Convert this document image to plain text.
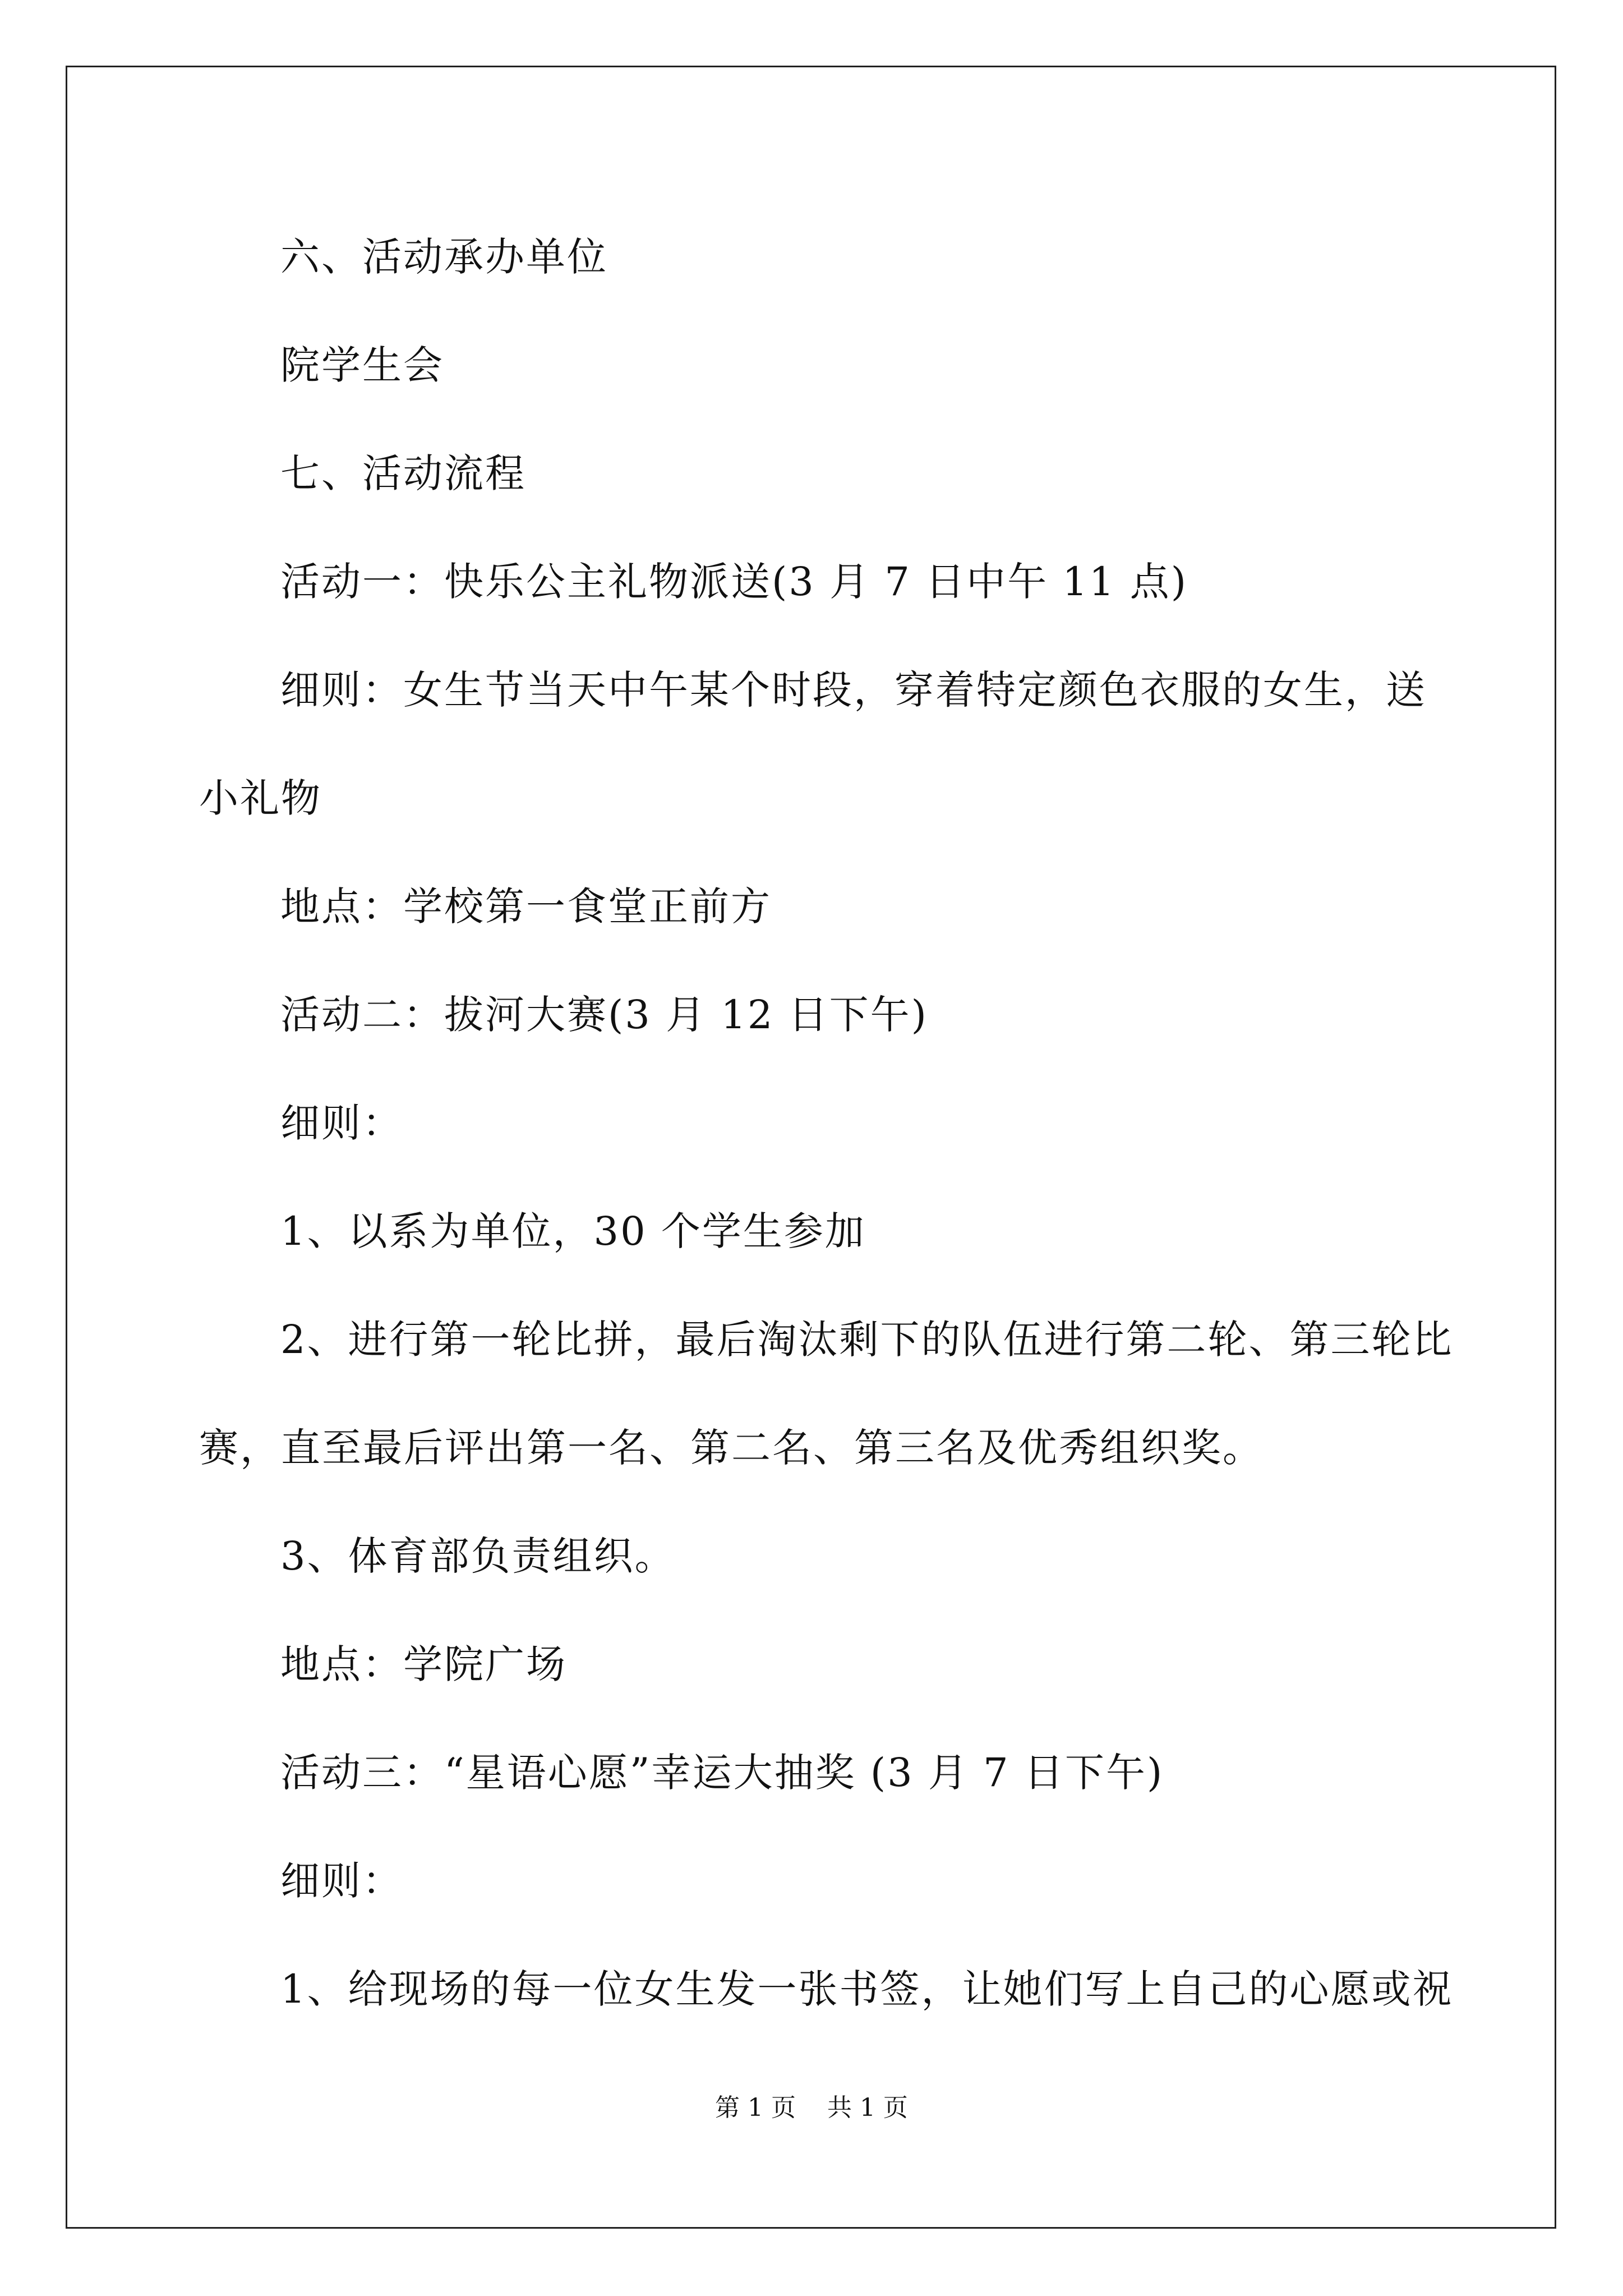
六、活动承办单位
院学生会
七、活动流程
活动一：快乐公主礼物派送(3 月 7 日中午 11 点)
细则：女生节当天中午某个时段，穿着特定颜色衣服的女生，送
小礼物
地点：学校第一食堂正前方
活动二：拔河大赛(3 月 12 日下午)
细则：
1、以系为单位，30 个学生参加
2、进行第一轮比拼，最后淘汰剩下的队伍进行第二轮、第三轮比
赛，直至最后评出第一名、第二名、第三名及优秀组织奖。
3、体育部负责组织。
地点：学院广场
活动三：“星语心愿”幸运大抽奖 (3 月 7 日下午)
细则：
1、给现场的每一位女生发一张书签，让她们写上自己的心愿或祝
第 1 页    共 1 页
